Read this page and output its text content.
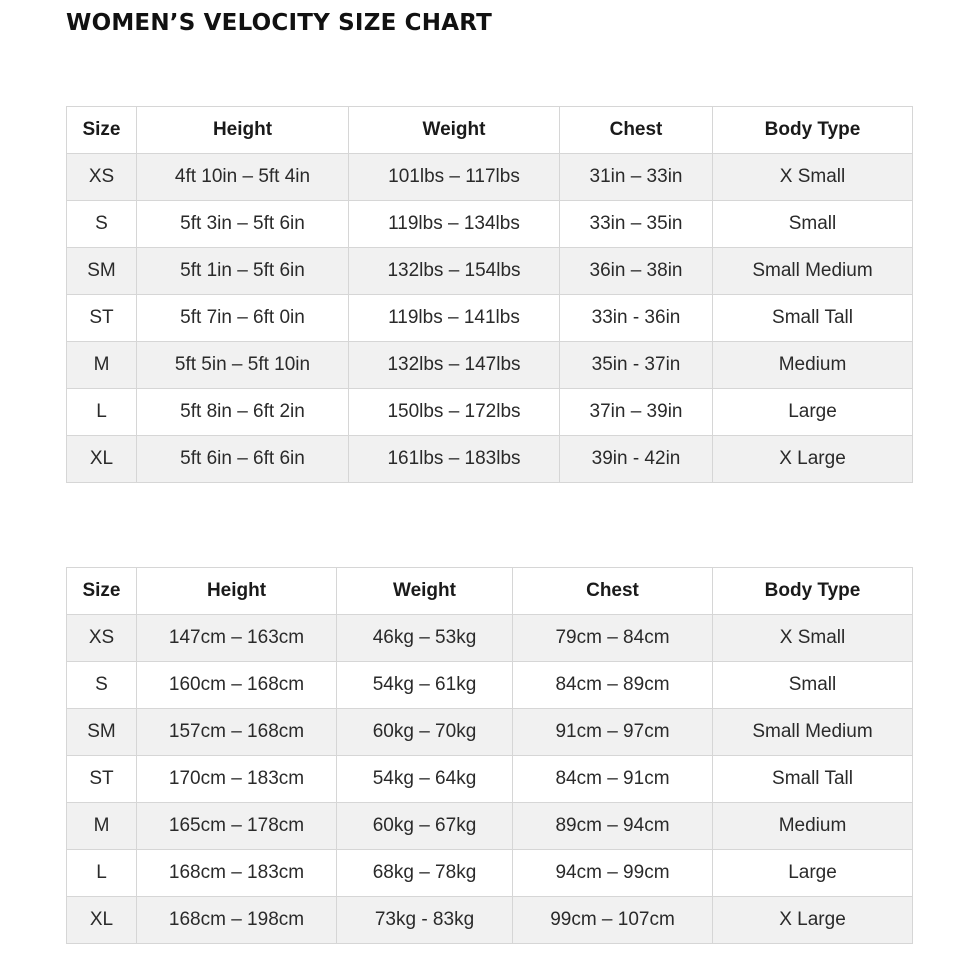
WOMEN’S VELOCITY SIZE CHART
Size	Height	Weight	Chest	Body Type
XS	4ft 10in – 5ft 4in	101lbs – 117lbs	31in – 33in	X Small
S	5ft 3in – 5ft 6in	119lbs – 134lbs	33in – 35in	Small
SM	5ft 1in – 5ft 6in	132lbs – 154lbs	36in – 38in	Small Medium
ST	5ft 7in – 6ft 0in	119lbs – 141lbs	33in - 36in	Small Tall
M	5ft 5in – 5ft 10in	132lbs – 147lbs	35in - 37in	Medium
L	5ft 8in – 6ft 2in	150lbs – 172lbs	37in – 39in	Large
XL	5ft 6in – 6ft 6in	161lbs – 183lbs	39in - 42in	X Large
Size	Height	Weight	Chest	Body Type
XS	147cm – 163cm	46kg – 53kg	79cm – 84cm	X Small
S	160cm – 168cm	54kg – 61kg	84cm – 89cm	Small
SM	157cm – 168cm	60kg – 70kg	91cm – 97cm	Small Medium
ST	170cm – 183cm	54kg – 64kg	84cm – 91cm	Small Tall
M	165cm – 178cm	60kg – 67kg	89cm – 94cm	Medium
L	168cm – 183cm	68kg – 78kg	94cm – 99cm	Large
XL	168cm – 198cm	73kg - 83kg	99cm – 107cm	X Large
